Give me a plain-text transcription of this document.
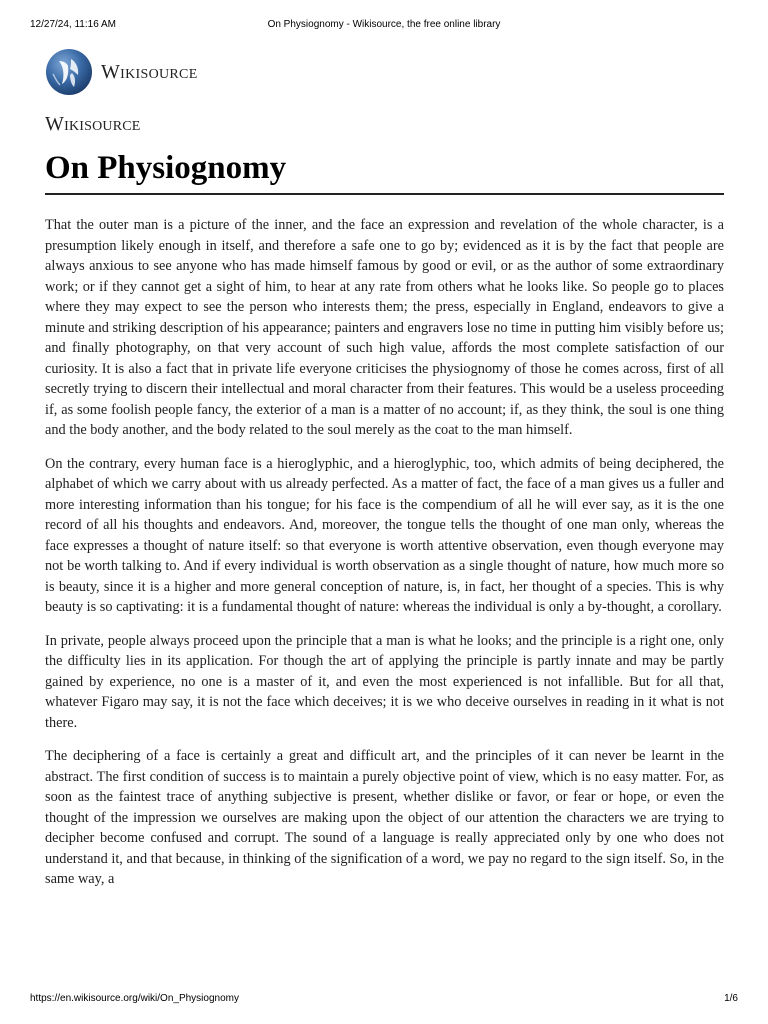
12/27/24, 11:16 AM	On Physiognomy - Wikisource, the free online library
Wikisource
Wikisource
On Physiognomy

That the outer man is a picture of the inner, and the face an expression and revelation of the whole character, is a presumption likely enough in itself, and therefore a safe one to go by; evidenced as it is by the fact that people are always anxious to see anyone who has made himself famous by good or evil, or as the author of some extraordinary work; or if they cannot get a sight of him, to hear at any rate from others what he looks like. So people go to places where they may expect to see the person who interests them; the press, especially in England, endeavors to give a minute and striking description of his appearance; painters and engravers lose no time in putting him visibly before us; and finally photography, on that very account of such high value, affords the most complete satisfaction of our curiosity. It is also a fact that in private life everyone criticises the physiognomy of those he comes across, first of all secretly trying to discern their intellectual and moral character from their features. This would be a useless proceeding if, as some foolish people fancy, the exterior of a man is a matter of no account; if, as they think, the soul is one thing and the body another, and the body related to the soul merely as the coat to the man himself.

On the contrary, every human face is a hieroglyphic, and a hieroglyphic, too, which admits of being deciphered, the alphabet of which we carry about with us already perfected. As a matter of fact, the face of a man gives us a fuller and more interesting information than his tongue; for his face is the compendium of all he will ever say, as it is the one record of all his thoughts and endeavors. And, moreover, the tongue tells the thought of one man only, whereas the face expresses a thought of nature itself: so that everyone is worth attentive observation, even though everyone may not be worth talking to. And if every individual is worth observation as a single thought of nature, how much more so is beauty, since it is a higher and more general conception of nature, is, in fact, her thought of a species. This is why beauty is so captivating: it is a fundamental thought of nature: whereas the individual is only a by-thought, a corollary.

In private, people always proceed upon the principle that a man is what he looks; and the principle is a right one, only the difficulty lies in its application. For though the art of applying the principle is partly innate and may be partly gained by experience, no one is a master of it, and even the most experienced is not infallible. But for all that, whatever Figaro may say, it is not the face which deceives; it is we who deceive ourselves in reading in it what is not there.

The deciphering of a face is certainly a great and difficult art, and the principles of it can never be learnt in the abstract. The first condition of success is to maintain a purely objective point of view, which is no easy matter. For, as soon as the faintest trace of anything subjective is present, whether dislike or favor, or fear or hope, or even the thought of the impression we ourselves are making upon the object of our attention the characters we are trying to decipher become confused and corrupt. The sound of a language is really appreciated only by one who does not understand it, and that because, in thinking of the signification of a word, we pay no regard to the sign itself. So, in the same way, a

https://en.wikisource.org/wiki/On_Physiognomy	1/6
